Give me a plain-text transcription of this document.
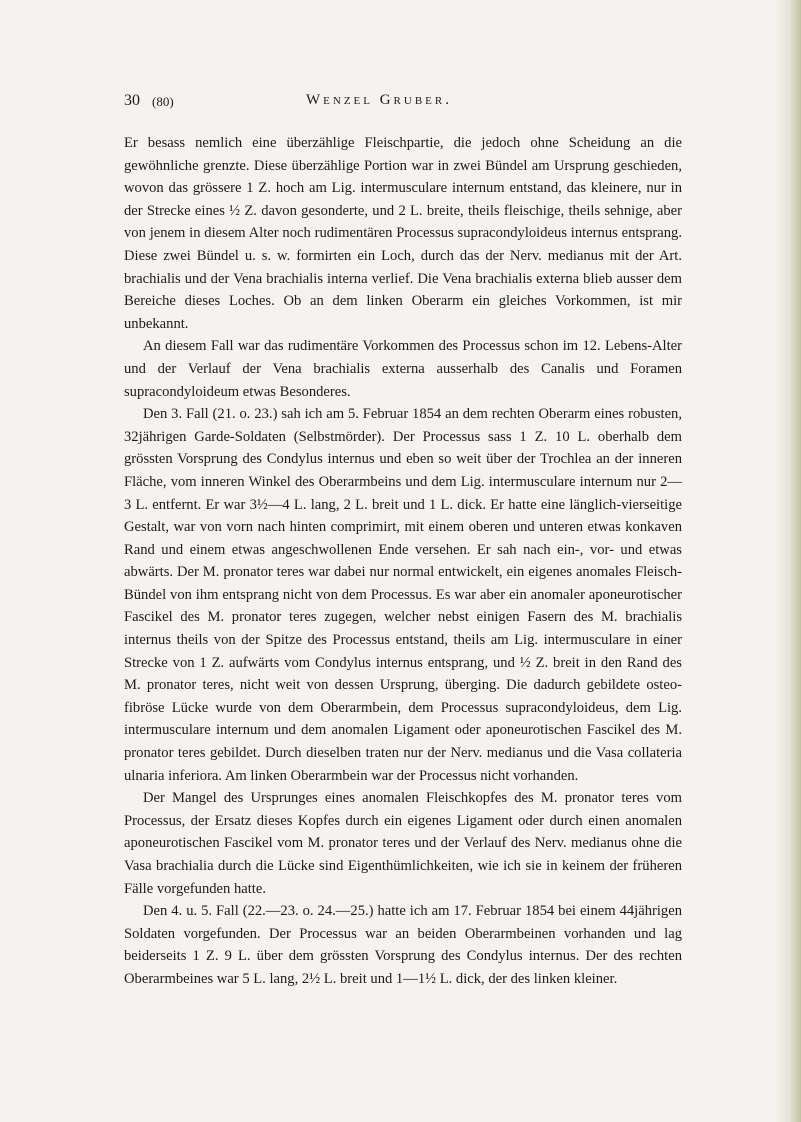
30 (80)	Wenzel Gruber.

Er besass nemlich eine überzählige Fleischpartie, die jedoch ohne Scheidung an die gewöhnliche grenzte. Diese überzählige Portion war in zwei Bündel am Ursprung geschieden, wovon das grössere 1 Z. hoch am Lig. intermusculare internum entstand, das kleinere, nur in der Strecke eines ½ Z. davon gesonderte, und 2 L. breite, theils fleischige, theils sehnige, aber von jenem in diesem Alter noch rudimentären Processus supracondyloideus internus entsprang. Diese zwei Bündel u. s. w. formirten ein Loch, durch das der Nerv. medianus mit der Art. brachialis und der Vena brachialis interna verlief. Die Vena brachialis externa blieb ausser dem Bereiche dieses Loches. Ob an dem linken Oberarm ein gleiches Vorkommen, ist mir unbekannt.

An diesem Fall war das rudimentäre Vorkommen des Processus schon im 12. Lebens-Alter und der Verlauf der Vena brachialis externa ausserhalb des Canalis und Foramen supracondyloideum etwas Besonderes.

Den 3. Fall (21. o. 23.) sah ich am 5. Februar 1854 an dem rechten Oberarm eines robusten, 32jährigen Garde-Soldaten (Selbstmörder). Der Processus sass 1 Z. 10 L. oberhalb dem grössten Vorsprung des Condylus internus und eben so weit über der Trochlea an der inneren Fläche, vom inneren Winkel des Oberarmbeins und dem Lig. intermusculare internum nur 2—3 L. entfernt. Er war 3½—4 L. lang, 2 L. breit und 1 L. dick. Er hatte eine länglich-vierseitige Gestalt, war von vorn nach hinten comprimirt, mit einem oberen und unteren etwas konkaven Rand und einem etwas angeschwollenen Ende versehen. Er sah nach ein-, vor- und etwas abwärts. Der M. pronator teres war dabei nur normal entwickelt, ein eigenes anomales Fleisch-Bündel von ihm entsprang nicht von dem Processus. Es war aber ein anomaler aponeurotischer Fascikel des M. pronator teres zugegen, welcher nebst einigen Fasern des M. brachialis internus theils von der Spitze des Processus entstand, theils am Lig. intermusculare in einer Strecke von 1 Z. aufwärts vom Condylus internus entsprang, und ½ Z. breit in den Rand des M. pronator teres, nicht weit von dessen Ursprung, überging. Die dadurch gebildete osteo-fibröse Lücke wurde von dem Oberarmbein, dem Processus supracondyloideus, dem Lig. intermusculare internum und dem anomalen Ligament oder aponeurotischen Fascikel des M. pronator teres gebildet. Durch dieselben traten nur der Nerv. medianus und die Vasa collateria ulnaria inferiora. Am linken Oberarmbein war der Processus nicht vorhanden.

Der Mangel des Ursprunges eines anomalen Fleischkopfes des M. pronator teres vom Processus, der Ersatz dieses Kopfes durch ein eigenes Ligament oder durch einen anomalen aponeurotischen Fascikel vom M. pronator teres und der Verlauf des Nerv. medianus ohne die Vasa brachialia durch die Lücke sind Eigenthümlichkeiten, wie ich sie in keinem der früheren Fälle vorgefunden hatte.

Den 4. u. 5. Fall (22.—23. o. 24.—25.) hatte ich am 17. Februar 1854 bei einem 44jährigen Soldaten vorgefunden. Der Processus war an beiden Oberarmbeinen vorhanden und lag beiderseits 1 Z. 9 L. über dem grössten Vorsprung des Condylus internus. Der des rechten Oberarmbeines war 5 L. lang, 2½ L. breit und 1—1½ L. dick, der des linken kleiner.
